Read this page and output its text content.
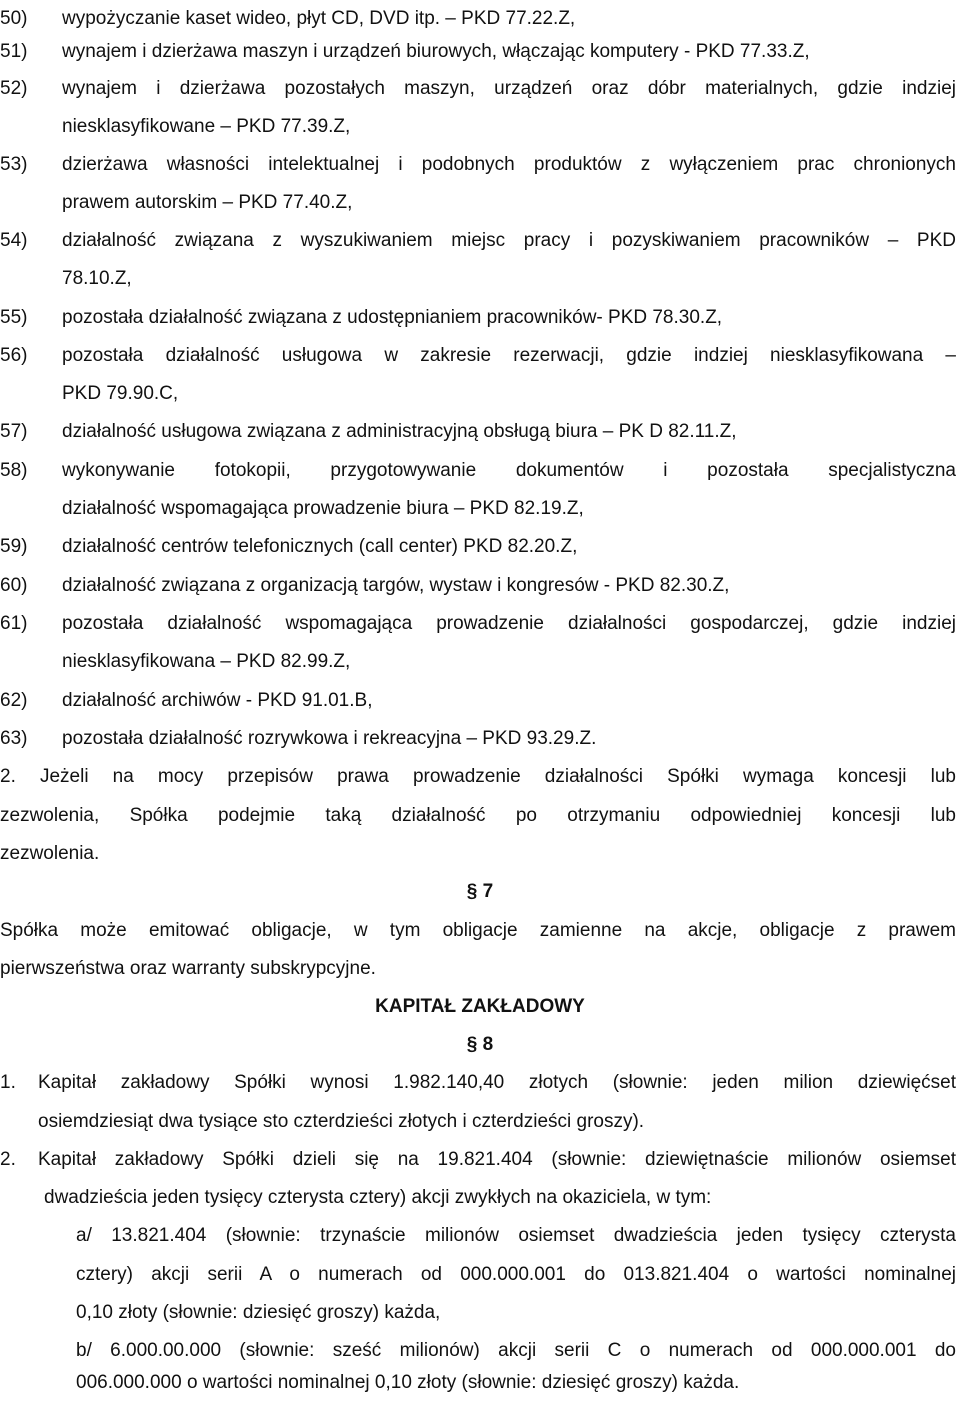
50) wypożyczanie kaset wideo, płyt CD, DVD itp. – PKD 77.22.Z,
51) wynajem i dzierżawa maszyn i urządzeń biurowych, włączając komputery - PKD 77.33.Z,
52) wynajem i dzierżawa pozostałych maszyn, urządzeń oraz dóbr materialnych, gdzie indziej
niesklasyfikowane – PKD 77.39.Z,
53) dzierżawa własności intelektualnej i podobnych produktów z wyłączeniem prac chronionych
prawem autorskim – PKD 77.40.Z,
54) działalność związana z wyszukiwaniem miejsc pracy i pozyskiwaniem pracowników – PKD
78.10.Z,
55) pozostała działalność związana z udostępnianiem pracowników- PKD 78.30.Z,
56) pozostała działalność usługowa w zakresie rezerwacji, gdzie indziej niesklasyfikowana –
PKD 79.90.C,
57) działalność usługowa związana z administracyjną obsługą biura – PK D 82.11.Z,
58) wykonywanie fotokopii, przygotowywanie dokumentów i pozostała specjalistyczna
działalność wspomagająca prowadzenie biura – PKD 82.19.Z,
59) działalność centrów telefonicznych (call center) PKD 82.20.Z,
60) działalność związana z organizacją targów, wystaw i kongresów - PKD 82.30.Z,
61) pozostała działalność wspomagająca prowadzenie działalności gospodarczej, gdzie indziej
niesklasyfikowana – PKD 82.99.Z,
62) działalność archiwów - PKD 91.01.B,
63) pozostała działalność rozrywkowa i rekreacyjna – PKD 93.29.Z.
2. Jeżeli na mocy przepisów prawa prowadzenie działalności Spółki wymaga koncesji lub
zezwolenia, Spółka podejmie taką działalność po otrzymaniu odpowiedniej koncesji lub
zezwolenia.
§ 7
Spółka może emitować obligacje, w tym obligacje zamienne na akcje, obligacje z prawem
pierwszeństwa oraz warranty subskrypcyjne.
KAPITAŁ ZAKŁADOWY
§ 8
1. Kapitał zakładowy Spółki wynosi 1.982.140,40 złotych (słownie: jeden milion dziewięćset
osiemdziesiąt dwa tysiące sto czterdzieści złotych i czterdzieści groszy).
2. Kapitał zakładowy Spółki dzieli się na 19.821.404 (słownie: dziewiętnaście milionów osiemset
dwadzieścia jeden tysięcy czterysta cztery) akcji zwykłych na okaziciela, w tym:
a/ 13.821.404 (słownie: trzynaście milionów osiemset dwadzieścia jeden tysięcy czterysta
cztery) akcji serii A o numerach od 000.000.001 do 013.821.404 o wartości nominalnej
0,10 złoty (słownie: dziesięć groszy) każda,
b/ 6.000.00.000 (słownie: sześć milionów) akcji serii C o numerach od 000.000.001 do
006.000.000 o wartości nominalnej 0,10 złoty (słownie: dziesięć groszy) każda.
